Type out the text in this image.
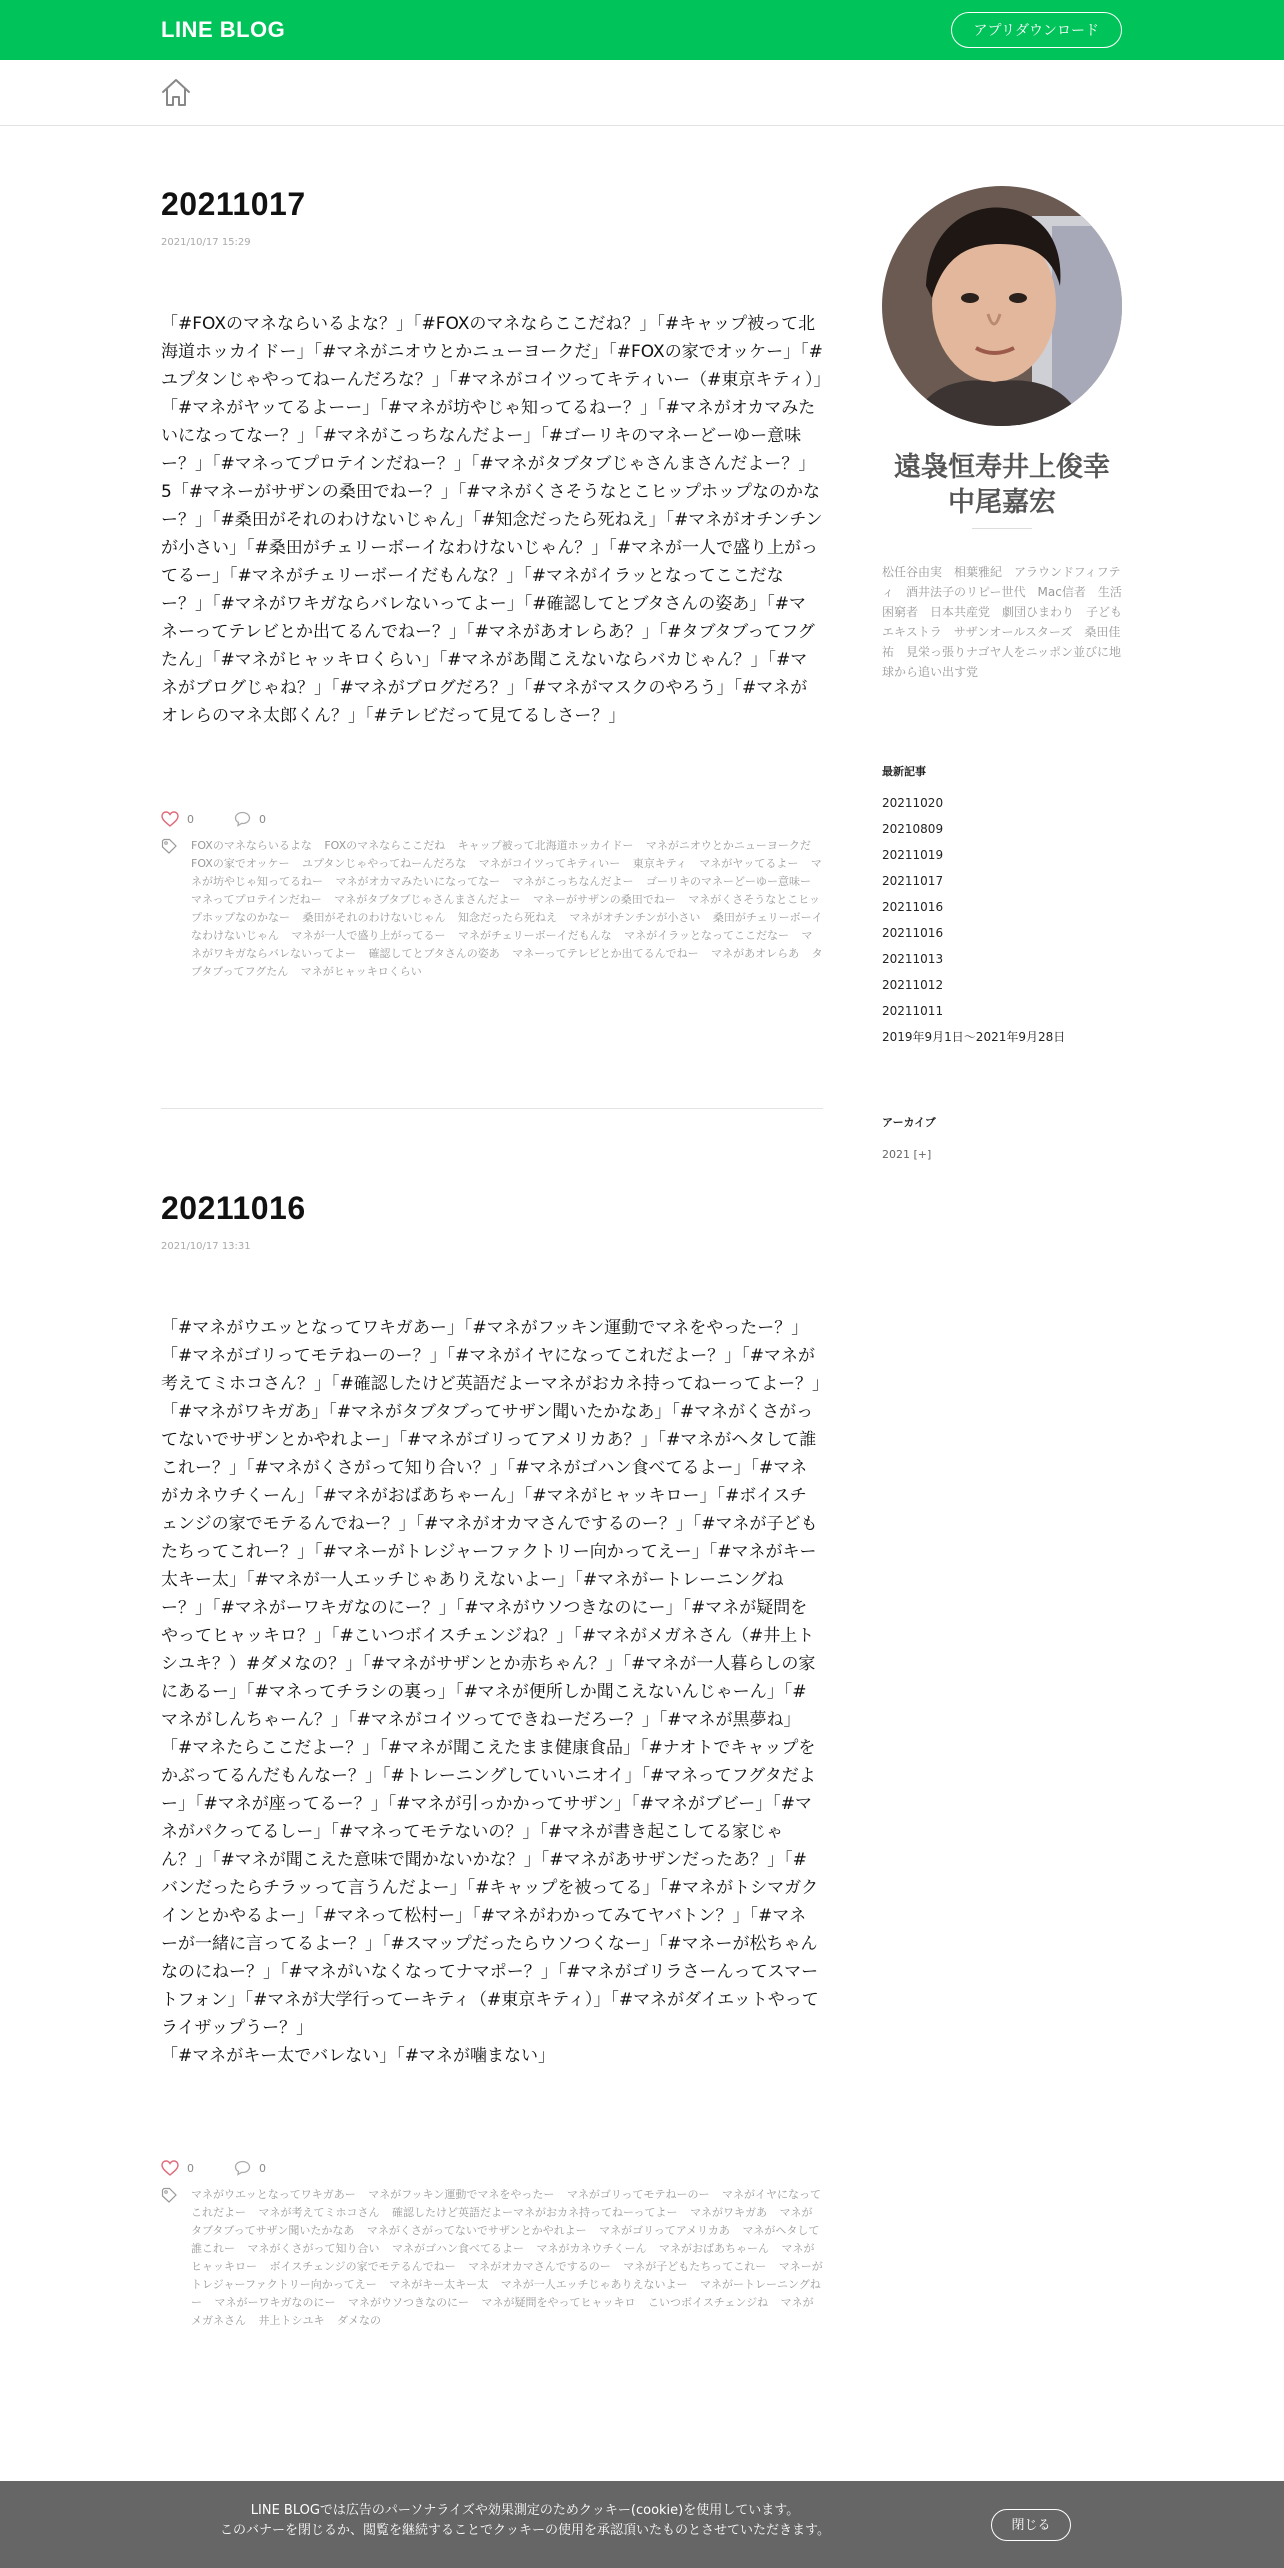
LINE BLOG	アプリダウンロード
20211017
2021/10/17 15:29
「#FOXのマネならいるよな？」「#FOXのマネならここだね？」「#キャップ被って北海道ホッカイドー」「#マネがニオウとかニューヨークだ」「#FOXの家でオッケー」「#ユプタンじゃやってねーんだろな？」「#マネがコイツってキティいー（#東京キティ）」「#マネがヤッてるよーー」「#マネが坊やじゃ知ってるねー？」「#マネがオカマみたいになってなー？」「#マネがこっちなんだよー」「#ゴーリキのマネーどーゆー意味ー？」「#マネってプロテインだねー？」「#マネがタブタブじゃさんまさんだよー？」5「#マネーがサザンの桑田でねー？」「#マネがくさそうなとこヒップホップなのかなー？」「#桑田がそれのわけないじゃん」「#知念だったら死ねえ」「#マネがオチンチンが小さい」「#桑田がチェリーボーイなわけないじゃん？」「#マネが一人で盛り上がってるー」「#マネがチェリーボーイだもんな？」「#マネがイラッとなってここだなー？」「#マネがワキガならバレないってよー」「#確認してとブタさんの姿あ」「#マネーってテレビとか出てるんでねー？」「#マネがあオレらあ？」「#タブタブってフグたん」「#マネがヒャッキロくらい」「#マネがあ聞こえないならバカじゃん？」「#マネがブログじゃね？」「#マネがブログだろ？」「#マネがマスクのやろう」「#マネがオレらのマネ太郎くん？」「#テレビだって見てるしさー？」
0	0
FOXのマネならいるよな FOXのマネならここだね キャップ被って北海道ホッカイドー マネがニオウとかニューヨークだ FOXの家でオッケー ユプタンじゃやってねーんだろな マネがコイツってキティいー 東京キティ マネがヤッてるよー マネが坊やじゃ知ってるねー マネがオカマみたいになってなー マネがこっちなんだよー ゴーリキのマネーどーゆー意味ー マネってプロテインだねー マネがタブタブじゃさんまさんだよー マネーがサザンの桑田でねー マネがくさそうなとこヒップホップなのかなー 桑田がそれのわけないじゃん 知念だったら死ねえ マネがオチンチンが小さい 桑田がチェリーボーイなわけないじゃん マネが一人で盛り上がってるー マネがチェリーボーイだもんな マネがイラッとなってここだなー マネがワキガならバレないってよー 確認してとブタさんの姿あ マネーってテレビとか出てるんでねー マネがあオレらあ タブタブってフグたん マネがヒャッキロくらい
20211016
2021/10/17 13:31
「#マネがウエッとなってワキガあー」「#マネがフッキン運動でマネをやったー？」「#マネがゴリってモテねーのー？」「#マネがイヤになってこれだよー？」「#マネが考えてミホコさん？」「#確認したけど英語だよーマネがおカネ持ってねーってよー？」「#マネがワキガあ」「#マネがタブタブってサザン聞いたかなあ」「#マネがくさがってないでサザンとかやれよー」「#マネがゴリってアメリカあ？」「#マネがヘタして誰これー？」「#マネがくさがって知り合い？」「#マネがゴハン食べてるよー」「#マネがカネウチくーん」「#マネがおばあちゃーん」「#マネがヒャッキロー」「#ボイスチェンジの家でモテるんでねー？」「#マネがオカマさんでするのー？」「#マネが子どもたちってこれー？」「#マネーがトレジャーファクトリー向かってえー」「#マネがキー太キー太」「#マネが一人エッチじゃありえないよー」「#マネがートレーニングねー？」「#マネがーワキガなのにー？」「#マネがウソつきなのにー」「#マネが疑問をやってヒャッキロ？」「#こいつボイスチェンジね？」「#マネがメガネさん（#井上トシユキ？）#ダメなの？」「#マネがサザンとか赤ちゃん？」「#マネが一人暮らしの家にあるー」「#マネってチラシの裏っ」「#マネが便所しか聞こえないんじゃーん」「#マネがしんちゃーん？」「#マネがコイツってできねーだろー？」「#マネが黒夢ね」「#マネたらここだよー？」「#マネが聞こえたまま健康食品」「#ナオトでキャップをかぶってるんだもんなー？」「#トレーニングしていいニオイ」「#マネってフグタだよー」「#マネが座ってるー？」「#マネが引っかかってサザン」「#マネがブビー」「#マネがパクってるしー」「#マネってモテないの？」「#マネが書き起こしてる家じゃん？」「#マネが聞こえた意味で聞かないかな？」「#マネがあサザンだったあ？」「#バンだったらチラッって言うんだよー」「#キャップを被ってる」「#マネがトシマガクインとかやるよー」「#マネって松村ー」「#マネがわかってみてヤバトン？」「#マネーが一緒に言ってるよー？」「#スマップだったらウソつくなー」「#マネーが松ちゃんなのにねー？」「#マネがいなくなってナマポー？」「#マネがゴリラさーんってスマートフォン」「#マネが大学行ってーキティ（#東京キティ）」「#マネがダイエットやってライザップうー？」
「#マネがキー太でバレない」「#マネが噛まない」
0	0
マネがウエッとなってワキガあー マネがフッキン運動でマネをやったー マネがゴリってモテねーのー マネがイヤになってこれだよー マネが考えてミホコさん 確認したけど英語だよーマネがおカネ持ってねーってよー マネがワキガあ マネがタブタブってサザン聞いたかなあ マネがくさがってないでサザンとかやれよー マネがゴリってアメリカあ マネがヘタして誰これー マネがくさがって知り合い マネがゴハン食べてるよー マネがカネウチくーん マネがおばあちゃーん マネがヒャッキロー ボイスチェンジの家でモテるんでねー マネがオカマさんでするのー マネが子どもたちってこれー マネーがトレジャーファクトリー向かってえー マネがキー太キー太 マネが一人エッチじゃありえないよー マネがートレーニングねー マネがーワキガなのにー マネがウソつきなのにー マネが疑問をやってヒャッキロ こいつボイスチェンジね マネがメガネさん 井上トシユキ ダメなの
遠袅恒寿井上俊幸中尾嘉宏
松任谷由実　相葉雅紀　アラウンドフィフティ　酒井法子のリピー世代　Mac信者　生活困窮者　日本共産党　劇団ひまわり　子どもエキストラ　サザンオールスターズ　桑田佳祐　見栄っ張りナゴヤ人をニッポン並びに地球から追い出す党
最新記事
20211020
20210809
20211019
20211017
20211016
20211016
20211013
20211012
20211011
2019年9月1日〜2021年9月28日
アーカイブ
2021 [+]
LINE BLOGでは広告のパーソナライズや効果測定のためクッキー(cookie)を使用しています。
このバナーを閉じるか、閲覧を継続することでクッキーの使用を承認頂いたものとさせていただきます。	閉じる
